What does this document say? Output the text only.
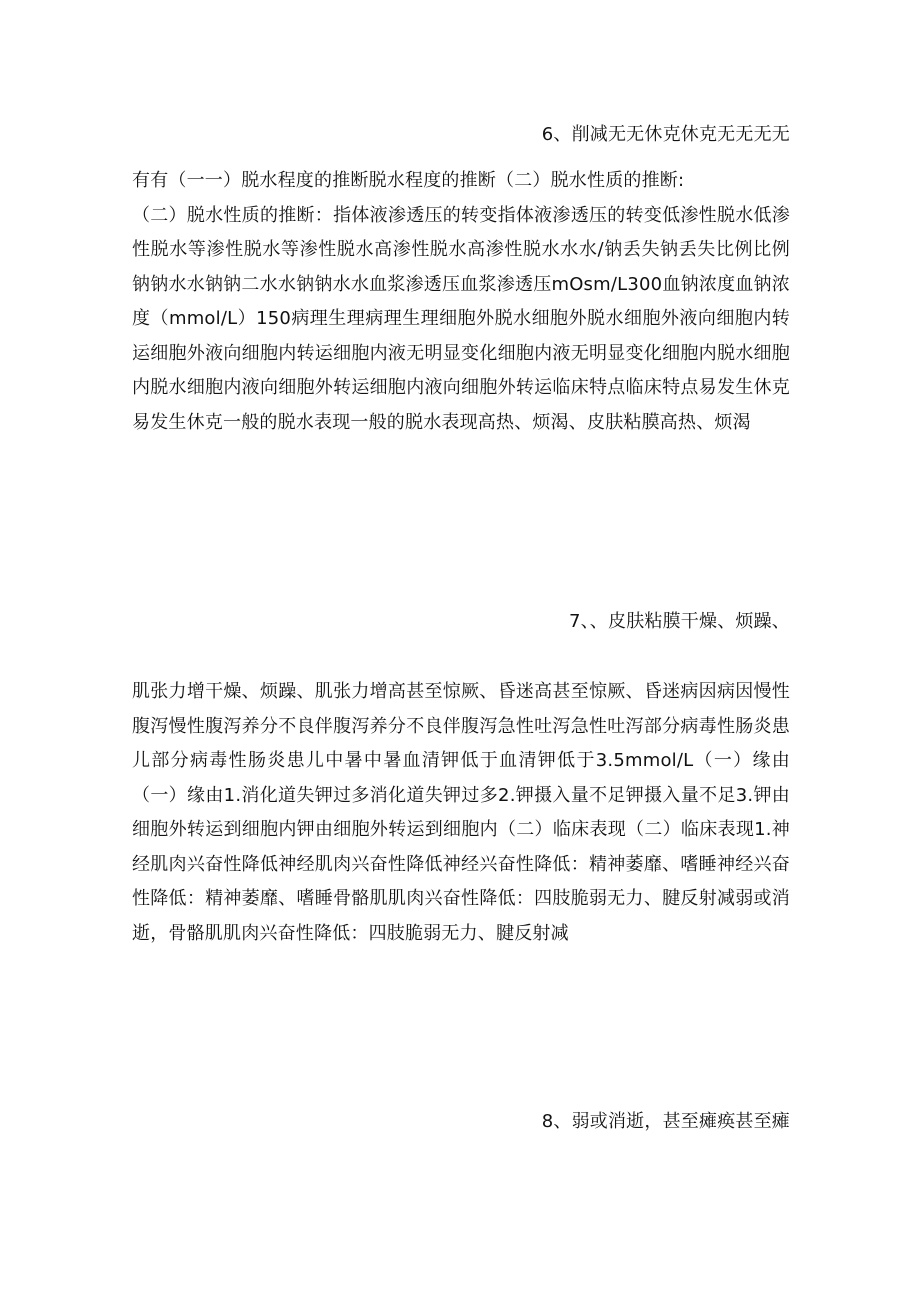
6、削减无无休克休克无无无无

有有（一一）脱水程度的推断脱水程度的推断（二）脱水性质的推断:

（二）脱水性质的推断：指体液渗透压的转变指体液渗透压的转变低渗性脱水低渗性脱水等渗性脱水等渗性脱水高渗性脱水高渗性脱水水水/钠丢失钠丢失比例比例钠钠水水钠钠二水水钠钠水水血浆渗透压血浆渗透压mOsm∕L300血钠浓度血钠浓度（mmol∕L）150病理生理病理生理细胞外脱水细胞外脱水细胞外液向细胞内转运细胞外液向细胞内转运细胞内液无明显变化细胞内液无明显变化细胞内脱水细胞内脱水细胞内液向细胞外转运细胞内液向细胞外转运临床特点临床特点易发生休克易发生休克一般的脱水表现一般的脱水表现高热、烦渴、皮肤粘膜高热、烦渴

7、、皮肤粘膜干燥、烦躁、

肌张力增干燥、烦躁、肌张力增高甚至惊厥、昏迷高甚至惊厥、昏迷病因病因慢性腹泻慢性腹泻养分不良伴腹泻养分不良伴腹泻急性吐泻急性吐泻部分病毒性肠炎患儿部分病毒性肠炎患儿中暑中暑血清钾低于血清钾低于3.5mmol∕L（一）缘由（一）缘由1.消化道失钾过多消化道失钾过多2.钾摄入量不足钾摄入量不足3.钾由细胞外转运到细胞内钾由细胞外转运到细胞内（二）临床表现（二）临床表现1.神经肌肉兴奋性降低神经肌肉兴奋性降低神经兴奋性降低：精神萎靡、嗜睡神经兴奋性降低：精神萎靡、嗜睡骨骼肌肌肉兴奋性降低：四肢脆弱无力、腱反射减弱或消逝，骨骼肌肌肉兴奋性降低：四肢脆弱无力、腱反射减

8、弱或消逝，甚至瘫痪甚至瘫
